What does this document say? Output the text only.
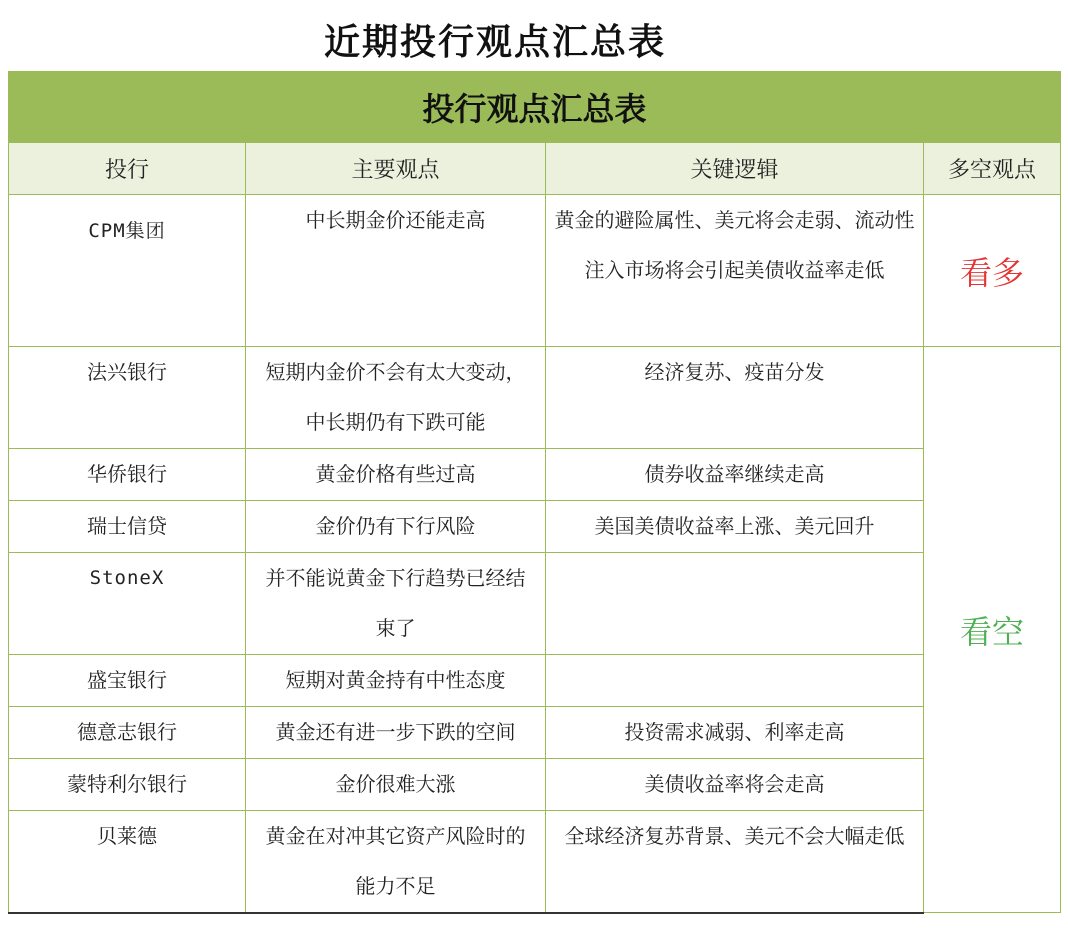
近期投行观点汇总表
投行观点汇总表			
投行	主要观点	关键逻辑	多空观点
CPM集团	中长期金价还能走高	黄金的避险属性、美元将会走弱、流动性注入市场将会引起美债收益率走低	看多
法兴银行	短期内金价不会有太大变动，中长期仍有下跌可能	经济复苏、疫苗分发	看空
华侨银行	黄金价格有些过高	债券收益率继续走高	
瑞士信贷	金价仍有下行风险	美国美债收益率上涨、美元回升	
StoneX	并不能说黄金下行趋势已经结束了		
盛宝银行	短期对黄金持有中性态度		
德意志银行	黄金还有进一步下跌的空间	投资需求减弱、利率走高	
蒙特利尔银行	金价很难大涨	美债收益率将会走高	
贝莱德	黄金在对冲其它资产风险时的能力不足	全球经济复苏背景、美元不会大幅走低	
